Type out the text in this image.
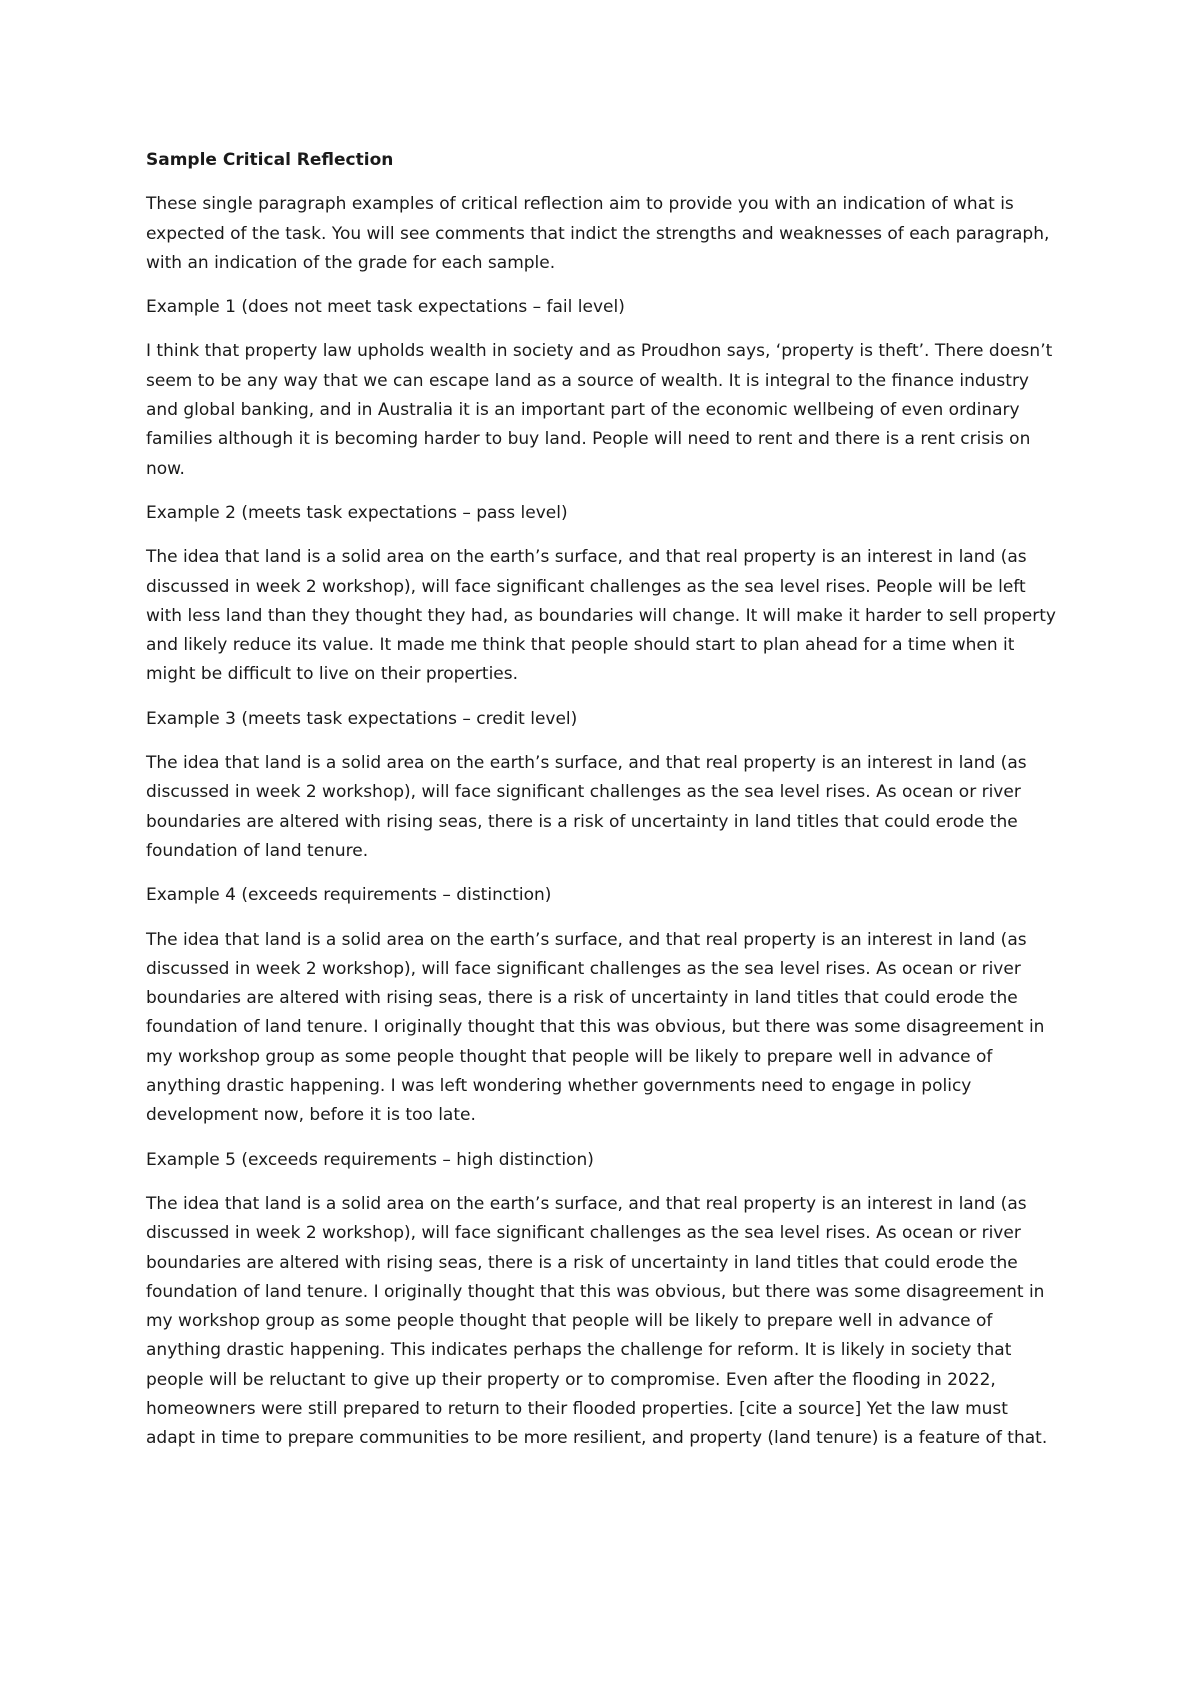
Sample Critical Reflection
These single paragraph examples of critical reflection aim to provide you with an indication of what is expected of the task. You will see comments that indict the strengths and weaknesses of each paragraph, with an indication of the grade for each sample.
Example 1 (does not meet task expectations – fail level)
I think that property law upholds wealth in society and as Proudhon says, ‘property is theft’. There doesn’t seem to be any way that we can escape land as a source of wealth. It is integral to the finance industry and global banking, and in Australia it is an important part of the economic wellbeing of even ordinary families although it is becoming harder to buy land. People will need to rent and there is a rent crisis on now.
Example 2 (meets task expectations – pass level)
The idea that land is a solid area on the earth’s surface, and that real property is an interest in land (as discussed in week 2 workshop), will face significant challenges as the sea level rises. People will be left with less land than they thought they had, as boundaries will change. It will make it harder to sell property and likely reduce its value. It made me think that people should start to plan ahead for a time when it might be difficult to live on their properties.
Example 3 (meets task expectations – credit level)
The idea that land is a solid area on the earth’s surface, and that real property is an interest in land (as discussed in week 2 workshop), will face significant challenges as the sea level rises. As ocean or river boundaries are altered with rising seas, there is a risk of uncertainty in land titles that could erode the foundation of land tenure.
Example 4 (exceeds requirements – distinction)
The idea that land is a solid area on the earth’s surface, and that real property is an interest in land (as discussed in week 2 workshop), will face significant challenges as the sea level rises. As ocean or river boundaries are altered with rising seas, there is a risk of uncertainty in land titles that could erode the foundation of land tenure. I originally thought that this was obvious, but there was some disagreement in my workshop group as some people thought that people will be likely to prepare well in advance of anything drastic happening. I was left wondering whether governments need to engage in policy development now, before it is too late.
Example 5 (exceeds requirements – high distinction)
The idea that land is a solid area on the earth’s surface, and that real property is an interest in land (as discussed in week 2 workshop), will face significant challenges as the sea level rises. As ocean or river boundaries are altered with rising seas, there is a risk of uncertainty in land titles that could erode the foundation of land tenure. I originally thought that this was obvious, but there was some disagreement in my workshop group as some people thought that people will be likely to prepare well in advance of anything drastic happening. This indicates perhaps the challenge for reform. It is likely in society that people will be reluctant to give up their property or to compromise. Even after the flooding in 2022, homeowners were still prepared to return to their flooded properties. [cite a source] Yet the law must adapt in time to prepare communities to be more resilient, and property (land tenure) is a feature of that.
